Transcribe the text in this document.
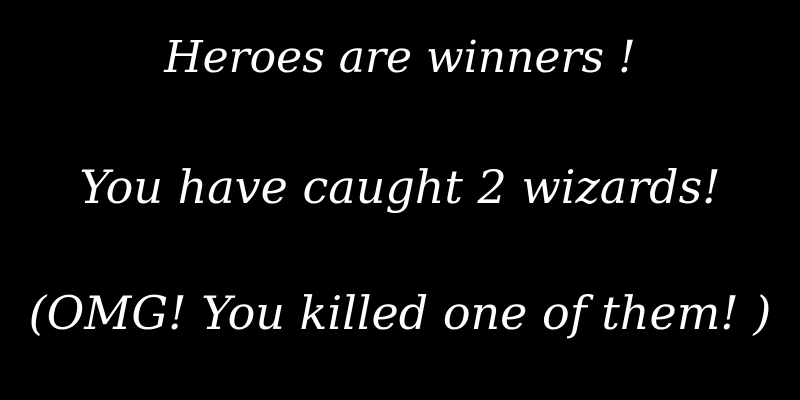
Heroes are winners !
You have caught 2 wizards!
(OMG! You killed one of them! )
